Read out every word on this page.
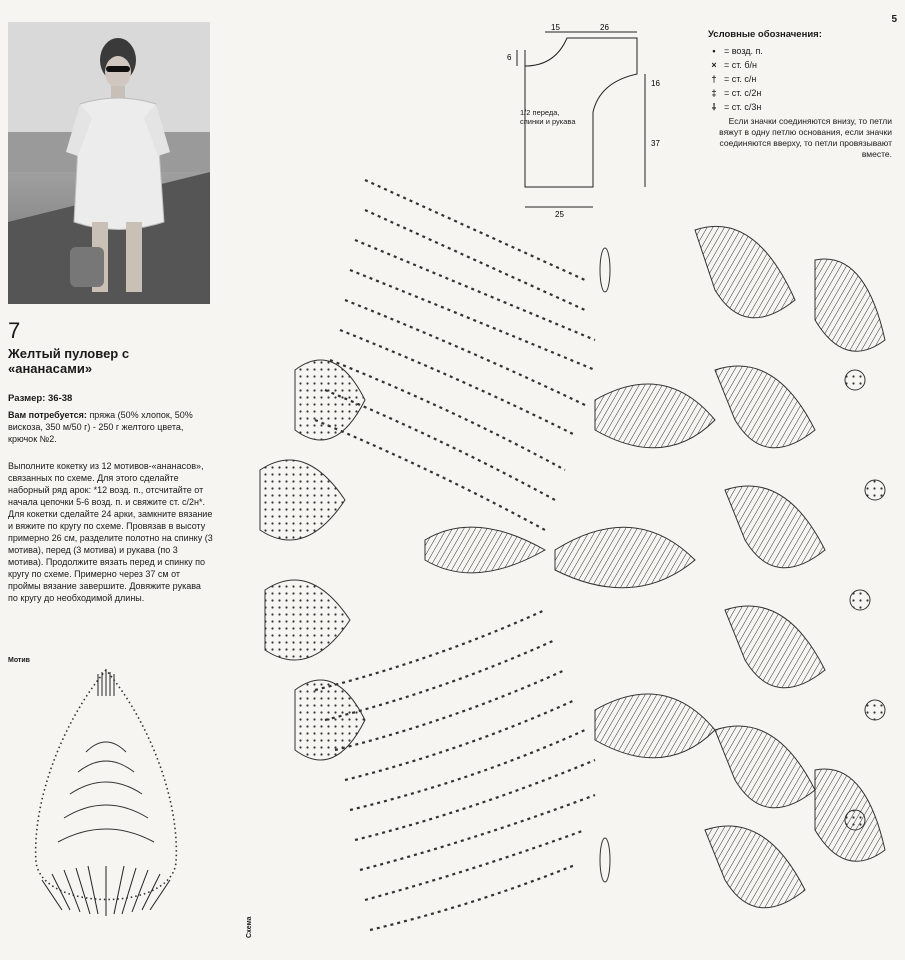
7
Желтый пуловер с «ананасами»
Размер: 36-38
Вам потребуется: пряжа (50% хлопок, 50% вискоза, 350 м/50 г) - 250 г желтого цвета, крючок №2.
Выполните кокетку из 12 мотивов-«ананасов», связанных по схеме. Для этого сделайте наборный ряд арок: *12 возд. п., отсчитайте от начала цепочки 5-6 возд. п. и свяжите ст. с/2н*. Для кокетки сделайте 24 арки, замкните вязание и вяжите по кругу по схеме. Провязав в высоту примерно 26 см, разделите полотно на спинку (3 мотива), перед (3 мотива) и рукава (по 3 мотива). Продолжите вязать перед и спинку по кругу по схеме. Примерно через 37 см от проймы вязание завершите. Довяжите рукава по кругу до необходимой длины.
Мотив
Схема
5
15	26
6
16
37
25
1/2 переда, спинки и рукава
Условные обозначения:
• = возд. п.
× = ст. б/н
† = ст. с/н
‡ = ст. с/2н
⸸ = ст. с/3н
Если значки соединяются внизу, то петли вяжут в одну петлю основания, если значки соединяются вверху, то петли провязывают вместе.
